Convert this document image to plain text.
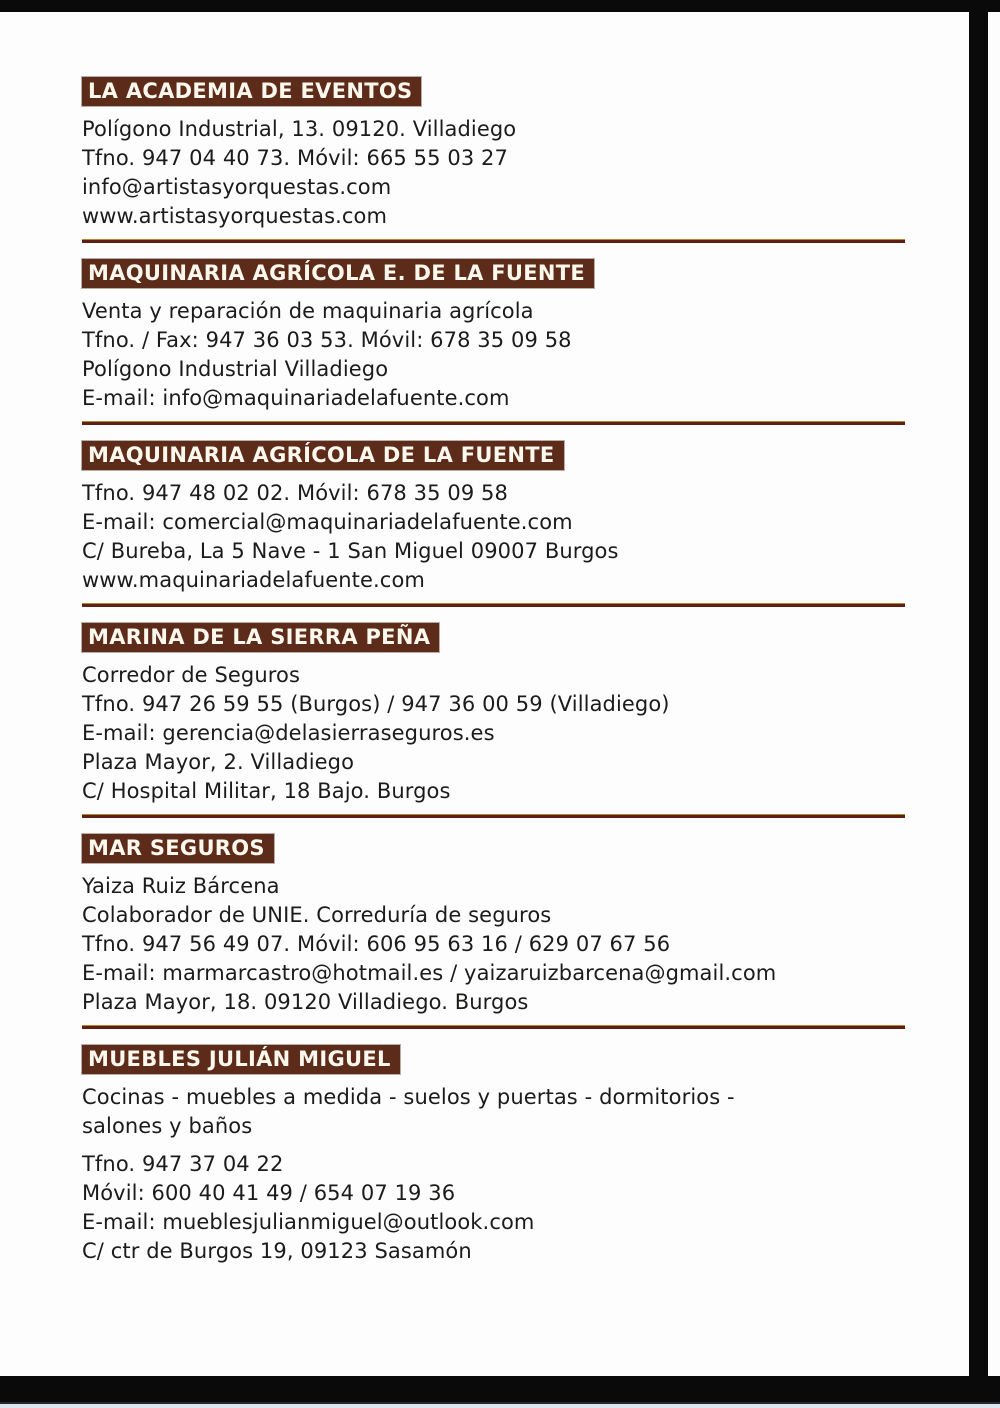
LA ACADEMIA DE EVENTOS

Polígono Industrial, 13. 09120. Villadiego
Tfno. 947 04 40 73. Móvil: 665 55 03 27
info@artistasyorquestas.com
www.artistasyorquestas.com

MAQUINARIA AGRÍCOLA E. DE LA FUENTE

Venta y reparación de maquinaria agrícola
Tfno. / Fax: 947 36 03 53. Móvil: 678 35 09 58
Polígono Industrial Villadiego
E-mail: info@maquinariadelafuente.com

MAQUINARIA AGRÍCOLA DE LA FUENTE

Tfno. 947 48 02 02. Móvil: 678 35 09 58
E-mail: comercial@maquinariadelafuente.com
C/ Bureba, La 5 Nave - 1 San Miguel 09007 Burgos
www.maquinariadelafuente.com

MARINA DE LA SIERRA PEÑA

Corredor de Seguros
Tfno. 947 26 59 55 (Burgos) / 947 36 00 59 (Villadiego)
E-mail: gerencia@delasierraseguros.es
Plaza Mayor, 2. Villadiego
C/ Hospital Militar, 18 Bajo. Burgos

MAR SEGUROS

Yaiza Ruiz Bárcena
Colaborador de UNIE. Correduría de seguros
Tfno. 947 56 49 07. Móvil: 606 95 63 16 / 629 07 67 56
E-mail: marmarcastro@hotmail.es / yaizaruizbarcena@gmail.com
Plaza Mayor, 18. 09120 Villadiego. Burgos

MUEBLES JULIÁN MIGUEL

Cocinas - muebles a medida - suelos y puertas - dormitorios -
salones y baños

Tfno. 947 37 04 22
Móvil: 600 40 41 49 / 654 07 19 36
E-mail: mueblesjulianmiguel@outlook.com
C/ ctr de Burgos 19, 09123 Sasamón
